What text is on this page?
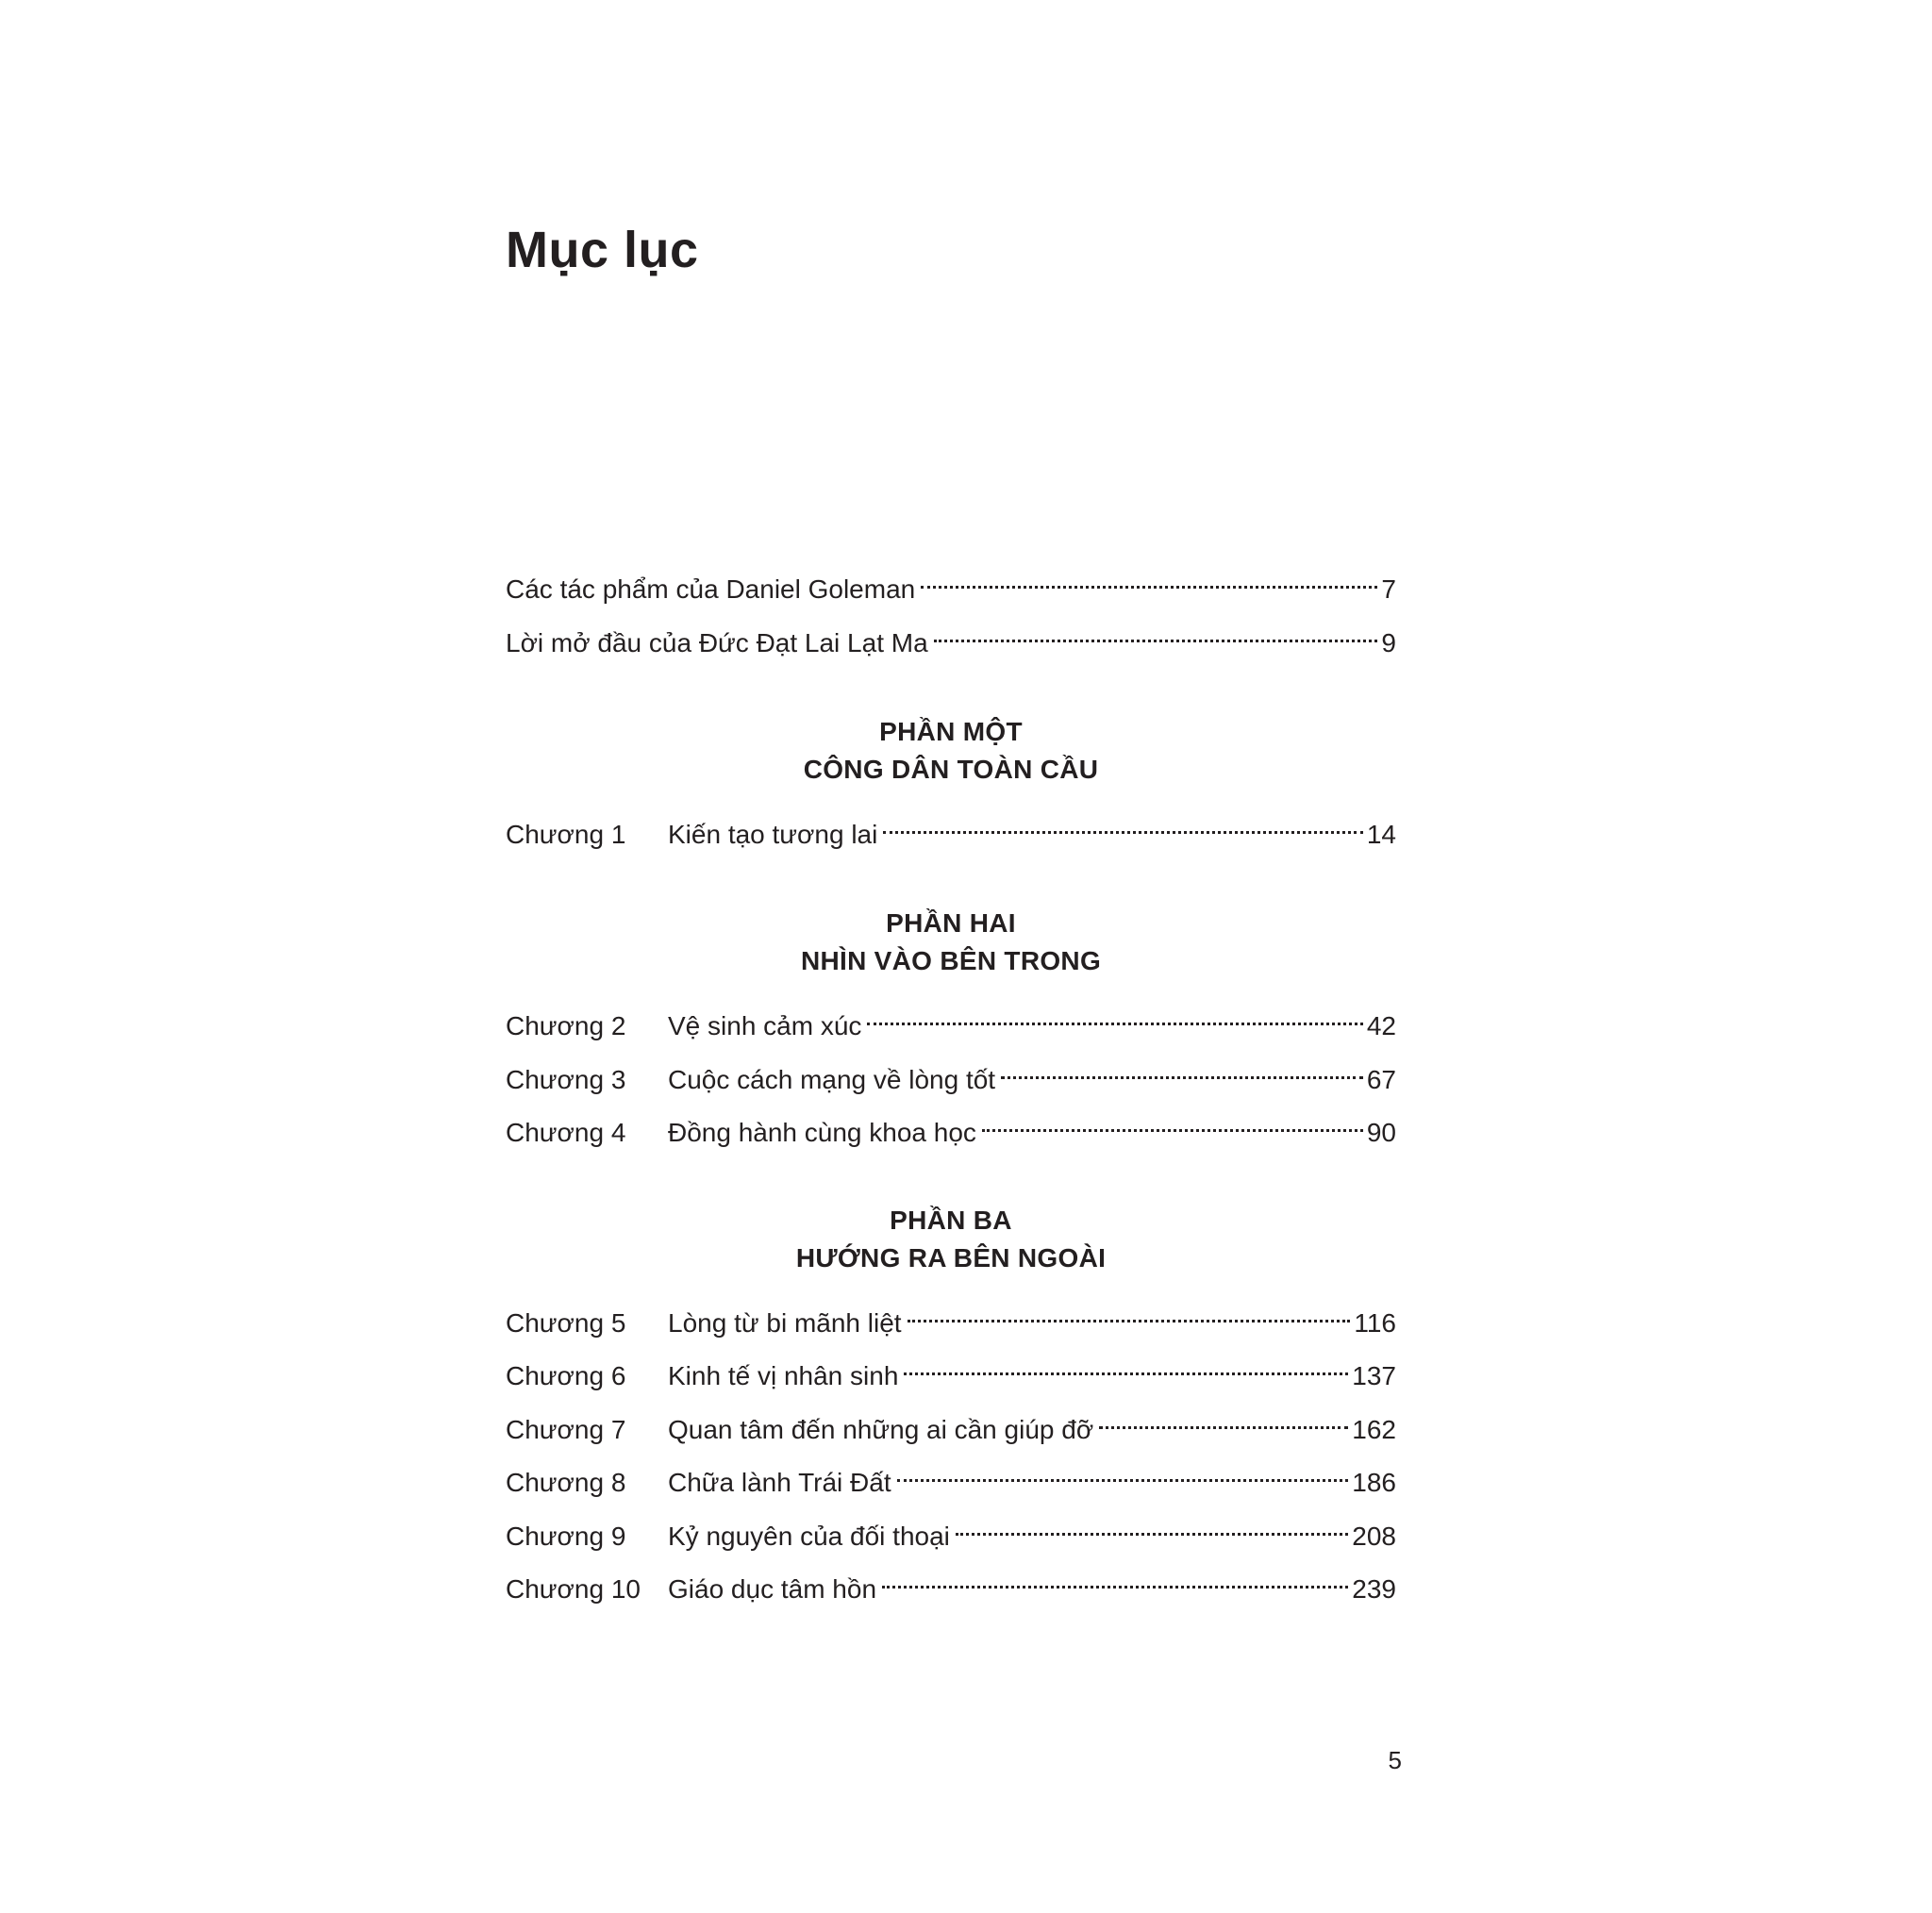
Mục lục
Các tác phẩm của Daniel Goleman	7
Lời mở đầu của Đức Đạt Lai Lạt Ma	9
PHẦN MỘT
CÔNG DÂN TOÀN CẦU
Chương 1	Kiến tạo tương lai	14
PHẦN HAI
NHÌN VÀO BÊN TRONG
Chương 2	Vệ sinh cảm xúc	42
Chương 3	Cuộc cách mạng về lòng tốt	67
Chương 4	Đồng hành cùng khoa học	90
PHẦN BA
HƯỚNG RA BÊN NGOÀI
Chương 5	Lòng từ bi mãnh liệt	116
Chương 6	Kinh tế vị nhân sinh	137
Chương 7	Quan tâm đến những ai cần giúp đỡ	162
Chương 8	Chữa lành Trái Đất	186
Chương 9	Kỷ nguyên của đối thoại	208
Chương 10	Giáo dục tâm hồn	239
5
